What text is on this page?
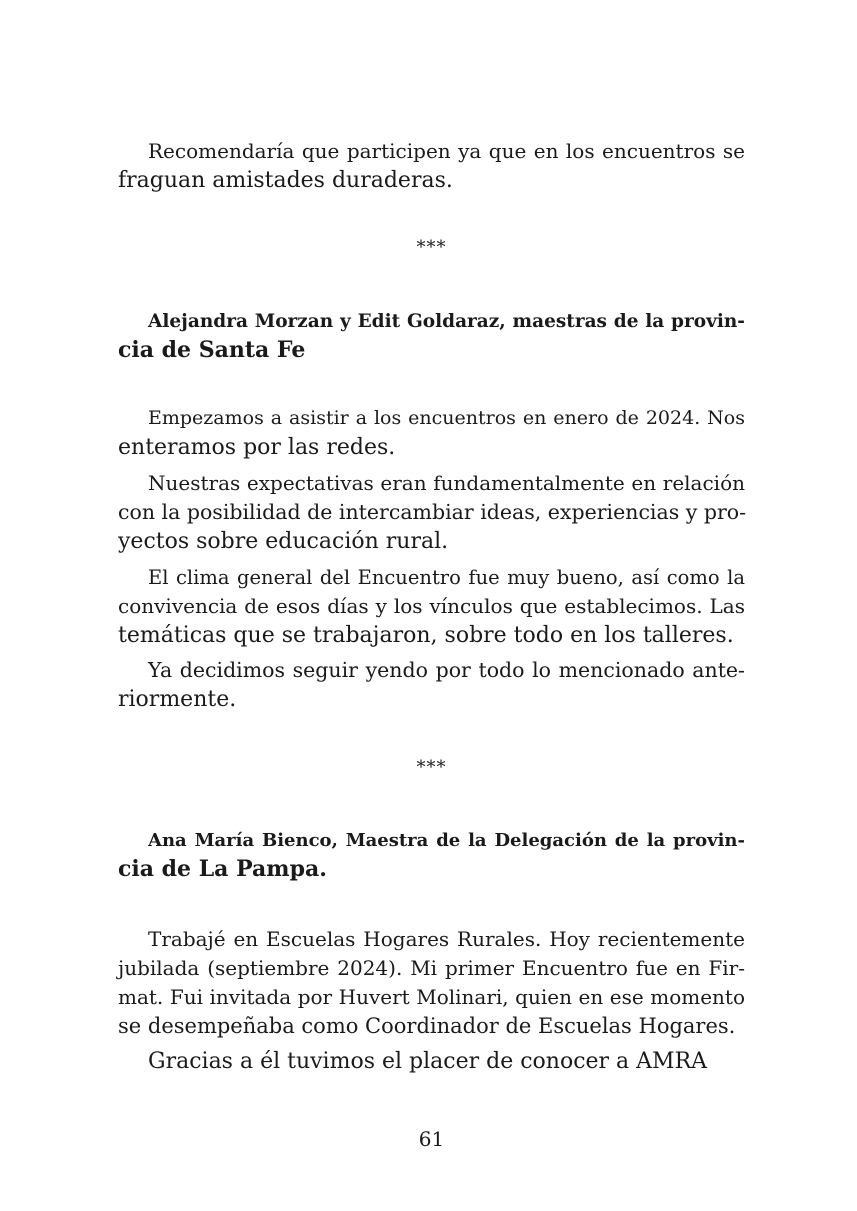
Recomendaría que participen ya que en los encuentros se
fraguan amistades duraderas.
***
Alejandra Morzan y Edit Goldaraz, maestras de la provin-
cia de Santa Fe
Empezamos a asistir a los encuentros en enero de 2024. Nos
enteramos por las redes.
Nuestras expectativas eran fundamentalmente en relación
con la posibilidad de intercambiar ideas, experiencias y pro-
yectos sobre educación rural.
El clima general del Encuentro fue muy bueno, así como la
convivencia de esos días y los vínculos que establecimos. Las
temáticas que se trabajaron, sobre todo en los talleres.
Ya decidimos seguir yendo por todo lo mencionado ante-
riormente.
***
Ana María Bienco, Maestra de la Delegación de la provin-
cia de La Pampa.
Trabajé en Escuelas Hogares Rurales. Hoy recientemente
jubilada (septiembre 2024). Mi primer Encuentro fue en Fir-
mat. Fui invitada por Huvert Molinari, quien en ese momento
se desempeñaba como Coordinador de Escuelas Hogares.
Gracias a él tuvimos el placer de conocer a AMRA
61
